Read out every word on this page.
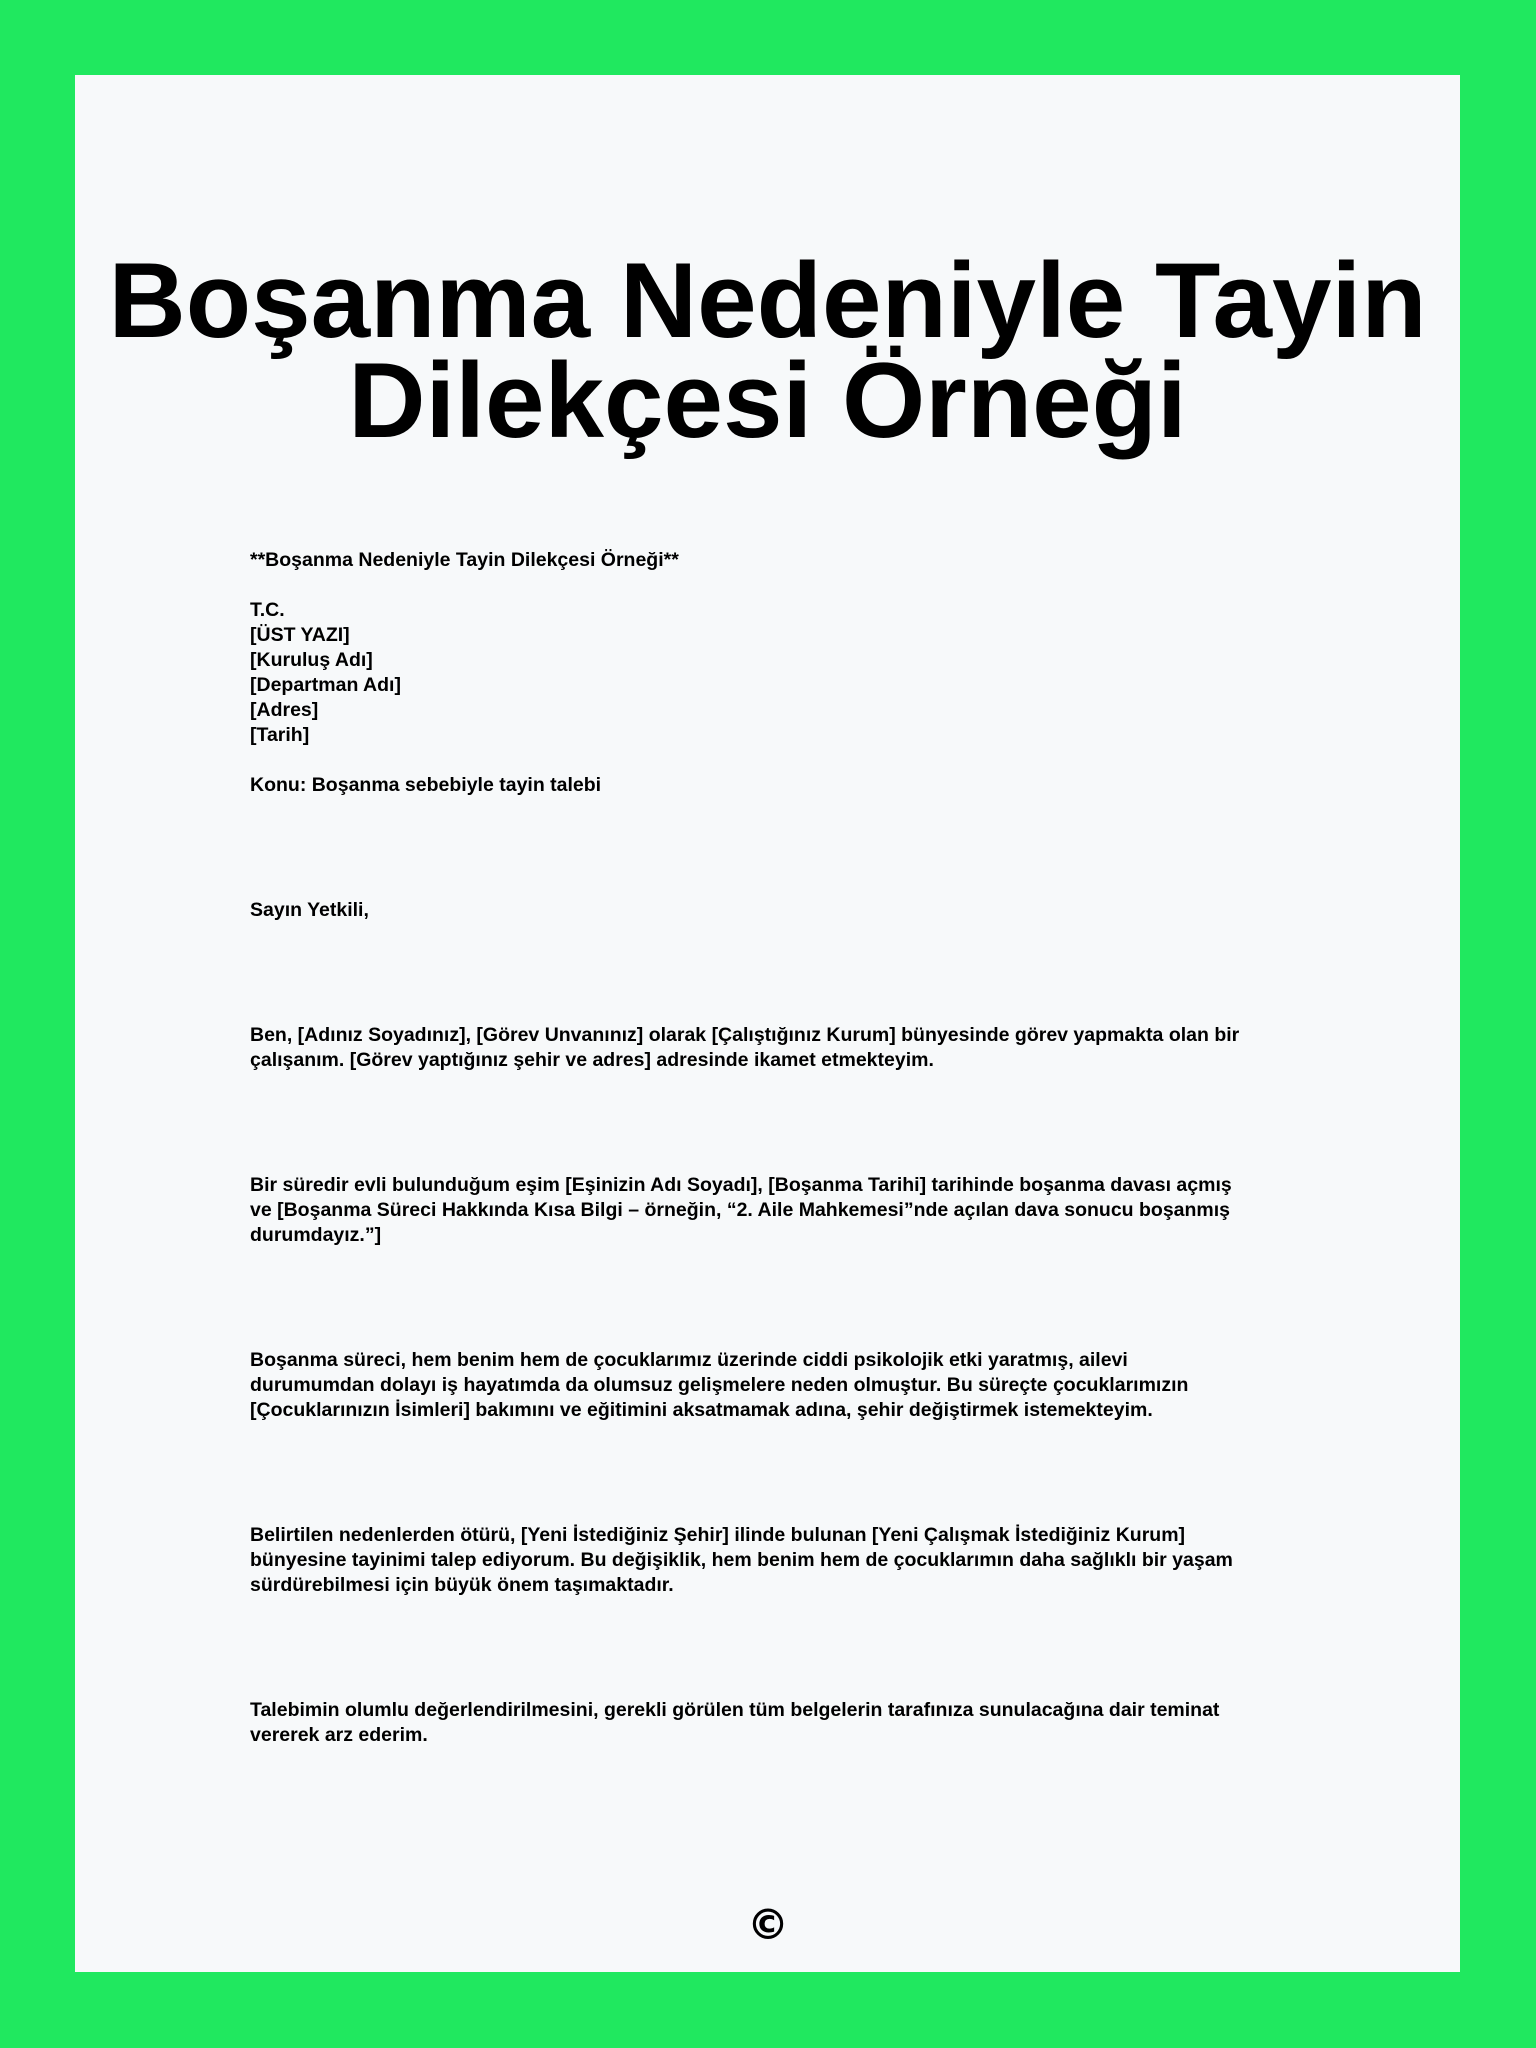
Boşanma Nedeniyle Tayin
Dilekçesi Örneği
**Boşanma Nedeniyle Tayin Dilekçesi Örneği**
T.C.
[ÜST YAZI]
[Kuruluş Adı]
[Departman Adı]
[Adres]
[Tarih]
Konu: Boşanma sebebiyle tayin talebi
Sayın Yetkili,
Ben, [Adınız Soyadınız], [Görev Unvanınız] olarak [Çalıştığınız Kurum] bünyesinde görev yapmakta olan bir
çalışanım. [Görev yaptığınız şehir ve adres] adresinde ikamet etmekteyim.
Bir süredir evli bulunduğum eşim [Eşinizin Adı Soyadı], [Boşanma Tarihi] tarihinde boşanma davası açmış
ve [Boşanma Süreci Hakkında Kısa Bilgi – örneğin, “2. Aile Mahkemesi”nde açılan dava sonucu boşanmış
durumdayız.”]
Boşanma süreci, hem benim hem de çocuklarımız üzerinde ciddi psikolojik etki yaratmış, ailevi
durumumdan dolayı iş hayatımda da olumsuz gelişmelere neden olmuştur. Bu süreçte çocuklarımızın
[Çocuklarınızın İsimleri] bakımını ve eğitimini aksatmamak adına, şehir değiştirmek istemekteyim.
Belirtilen nedenlerden ötürü, [Yeni İstediğiniz Şehir] ilinde bulunan [Yeni Çalışmak İstediğiniz Kurum]
bünyesine tayinimi talep ediyorum. Bu değişiklik, hem benim hem de çocuklarımın daha sağlıklı bir yaşam
sürdürebilmesi için büyük önem taşımaktadır.
Talebimin olumlu değerlendirilmesini, gerekli görülen tüm belgelerin tarafınıza sunulacağına dair teminat
vererek arz ederim.
©
